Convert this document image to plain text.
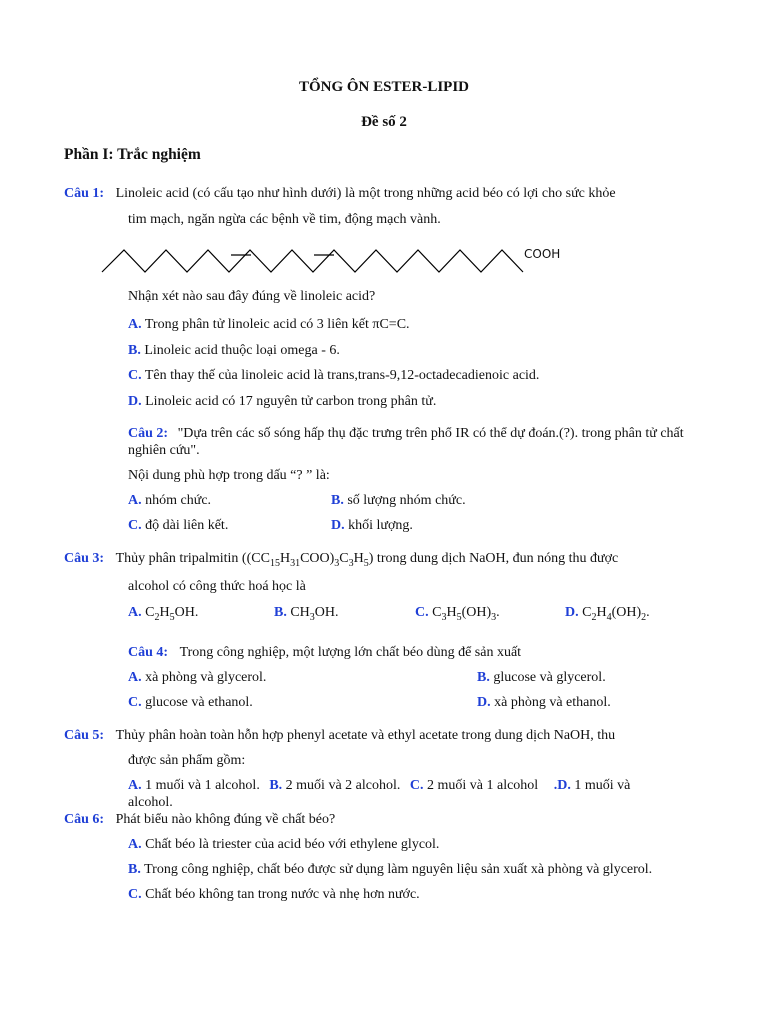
TỔNG ÔN ESTER-LIPID
Đề số 2
Phần I: Trắc nghiệm
Câu 1: Linoleic acid (có cấu tạo như hình dưới) là một trong những acid béo có lợi cho sức khỏe
tim mạch, ngăn ngừa các bệnh về tim, động mạch vành.
COOH
Nhận xét nào sau đây đúng về linoleic acid?
A. Trong phân tử linoleic acid có 3 liên kết πC=C.
B. Linoleic acid thuộc loại omega - 6.
C. Tên thay thế của linoleic acid là trans,trans-9,12-octadecadienoic acid.
D. Linoleic acid có 17 nguyên tử carbon trong phân tử.
Câu 2: "Dựa trên các số sóng hấp thụ đặc trưng trên phổ IR có thể dự đoán.(?). trong phân tử chất nghiên cứu".
Nội dung phù hợp trong dấu “? ” là:
A. nhóm chức.	B. số lượng nhóm chức.
C. độ dài liên kết.	D. khối lượng.
Câu 3: Thủy phân tripalmitin $((CC_{15}H_{31}COO)_3C_3H_5)$ trong dung dịch NaOH, đun nóng thu được
alcohol có công thức hoá học là
A. $C_2H_5OH$.	B. $CH_3OH$.	C. $C_3H_5(OH)_3$.	D. $C_2H_4(OH)_2$.
Câu 4: Trong công nghiệp, một lượng lớn chất béo dùng để sản xuất
A. xà phòng và glycerol.	B. glucose và glycerol.
C. glucose và ethanol.	D. xà phòng và ethanol.
Câu 5: Thủy phân hoàn toàn hỗn hợp phenyl acetate và ethyl acetate trong dung dịch NaOH, thu
được sản phẩm gồm:
A. 1 muối và 1 alcohol. B. 2 muối và 2 alcohol. C. 2 muối và 1 alcohol .D. 1 muối và
alcohol.
Câu 6: Phát biểu nào không đúng về chất béo?
A. Chất béo là triester của acid béo với ethylene glycol.
B. Trong công nghiệp, chất béo được sử dụng làm nguyên liệu sản xuất xà phòng và glycerol.
C. Chất béo không tan trong nước và nhẹ hơn nước.
